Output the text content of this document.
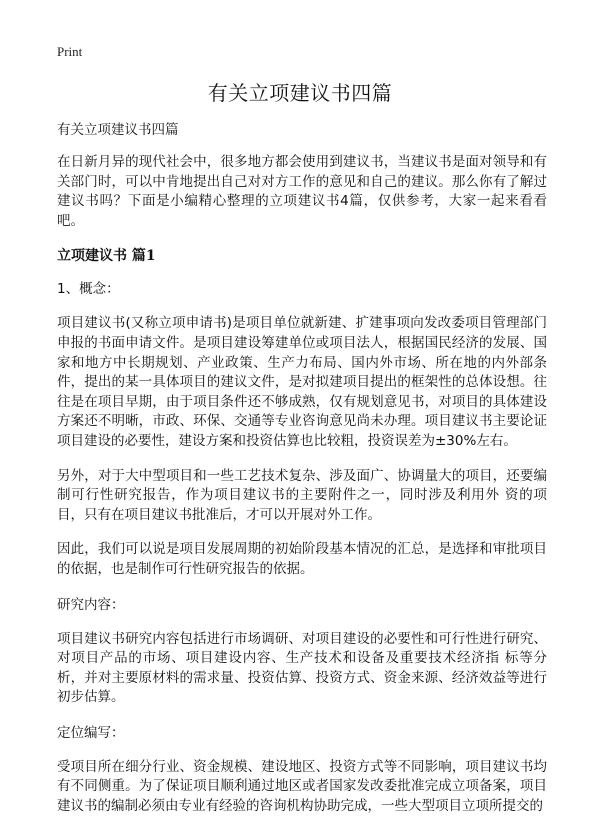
Print
有关立项建议书四篇
有关立项建议书四篇

在日新月异的现代社会中，很多地方都会使用到建议书，当建议书是面对领导和有关部门时，可以中肯地提出自己对对方工作的意见和自己的建议。那么你有了解过建议书吗？下面是小编精心整理的立项建议书4篇，仅供参考，大家一起来看看吧。

立项建议书 篇1
1、概念：

项目建议书(又称立项申请书)是项目单位就新建、扩建事项向发改委项目管理部门申报的书面申请文件。是项目建设筹建单位或项目法人，根据国民经济的发展、国家和地方中长期规划、产业政策、生产力布局、国内外市场、所在地的内外部条件，提出的某一具体项目的建议文件，是对拟建项目提出的框架性的总体设想。往往是在项目早期，由于项目条件还不够成熟，仅有规划意见书，对项目的具体建设方案还不明晰，市政、环保、交通等专业咨询意见尚未办理。项目建议书主要论证项目建设的必要性，建设方案和投资估算也比较粗，投资误差为±30%左右。

另外，对于大中型项目和一些工艺技术复杂、涉及面广、协调量大的项目，还要编制可行性研究报告，作为项目建议书的主要附件之一，同时涉及利用外 资的项目，只有在项目建议书批准后，才可以开展对外工作。

因此，我们可以说是项目发展周期的初始阶段基本情况的汇总，是选择和审批项目的依据，也是制作可行性研究报告的依据。

研究内容：

项目建议书研究内容包括进行市场调研、对项目建设的必要性和可行性进行研究、对项目产品的市场、项目建设内容、生产技术和设备及重要技术经济指 标等分析，并对主要原材料的需求量、投资估算、投资方式、资金来源、经济效益等进行初步估算。

定位编写：

受项目所在细分行业、资金规模、建设地区、投资方式等不同影响，项目建议书均有不同侧重。为了保证项目顺利通过地区或者国家发改委批准完成立项备案，项目建议书的编制必须由专业有经验的咨询机构协助完成，一些大型项目立项所提交的
